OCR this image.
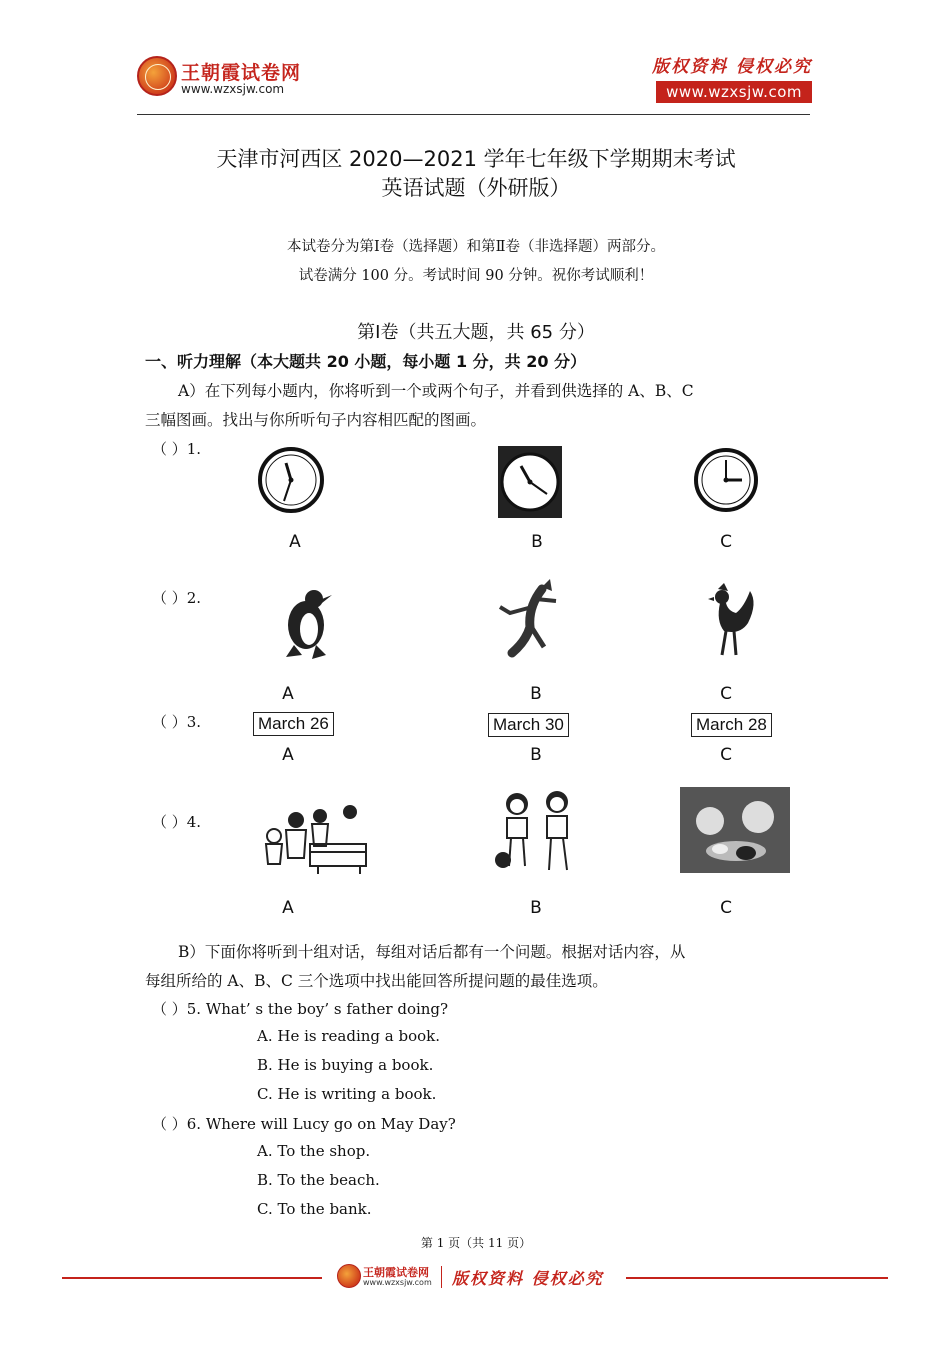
王朝霞试卷网
www.wzxsjw.com
版权资料 侵权必究
www.wzxsjw.com
天津市河西区 2020—2021 学年七年级下学期期末考试
英语试题（外研版）
本试卷分为第Ⅰ卷（选择题）和第Ⅱ卷（非选择题）两部分。
试卷满分 100 分。考试时间 90 分钟。祝你考试顺利！
第Ⅰ卷（共五大题，共 65 分）
一、听力理解（本大题共 20 小题，每小题 1 分，共 20 分）
A）在下列每小题内，你将听到一个或两个句子，并看到供选择的 A、B、C
三幅图画。找出与你所听句子内容相匹配的图画。
（ ）1.
A	B	C
（ ）2.
A	B	C
（ ）3.	March 26	March 30	March 28
A	B	C
（ ）4.
A	B	C
B）下面你将听到十组对话，每组对话后都有一个问题。根据对话内容，从
每组所给的 A、B、C 三个选项中找出能回答所提问题的最佳选项。
（ ）5. What’ s the boy’ s father doing?
A. He is reading a book.
B. He is buying a book.
C. He is writing a book.
（ ）6. Where will Lucy go on May Day?
A. To the shop.
B. To the beach.
C. To the bank.
第 1 页（共 11 页）
王朝霞试卷网
www.wzxsjw.com 版权资料 侵权必究
